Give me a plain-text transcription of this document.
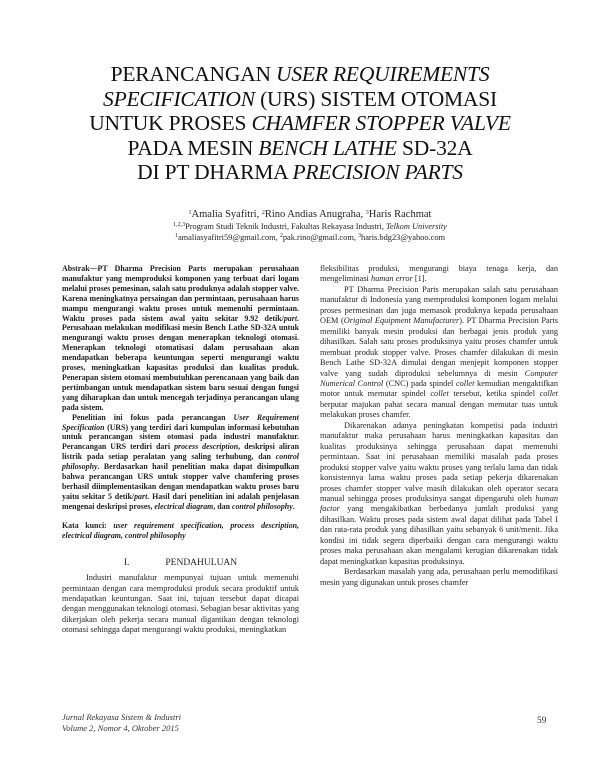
PERANCANGAN USER REQUIREMENTS
SPECIFICATION (URS) SISTEM OTOMASI
UNTUK PROSES CHAMFER STOPPER VALVE
PADA MESIN BENCH LATHE SD-32A
DI PT DHARMA PRECISION PARTS
$^1$Amalia Syafitri, $^2$Rino Andias Anugraha, $^3$Haris Rachmat
$^{1,2,3}$Program Studi Teknik Industri, Fakultas Rekayasa Industri, Telkom University
$^1$amaliasyafitri59@gmail.com, $^2$pak.rino@gmail.com, $^3$haris.bdg23@yahoo.com

Abstrak—PT Dharma Precision Parts merupakan perusahaan manufaktur yang memproduksi komponen yang terbuat dari logam melalui proses pemesinan, salah satu produknya adalah stopper valve. Karena meningkatnya persaingan dan permintaan, perusahaan harus mampu mengurangi waktu proses untuk memenuhi permintaan. Waktu proses pada sistem awal yaitu sekitar 9.92 detik/part. Perusahaan melakukan modifikasi mesin Bench Lathe SD-32A untuk mengurangi waktu proses dengan menerapkan teknologi otomasi. Menerapkan teknologi otomatisasi dalam perusahaan akan mendapatkan beberapa keuntungan seperti mengurangi waktu proses, meningkatkan kapasitas produksi dan kualitas produk. Penerapan sistem otomasi membutuhkan perencanaan yang baik dan pertimbangan untuk mendapatkan sistem baru sesuai dengan fungsi yang diharapkan dan untuk mencegah terjadinya perancangan ulang pada sistem.

Penelitian ini fokus pada perancangan User Requirement Specification (URS) yang terdiri dari kumpulan informasi kebutuhan untuk perancangan sistem otomasi pada industri manufaktur. Perancangan URS terdiri dari process description, deskripsi aliran listrik pada setiap peralatan yang saling terhubung, dan control philosophy. Berdasarkan hasil penelitian maka dapat disimpulkan bahwa perancangan URS untuk stopper valve chamfering proses berhasil diimplementasikan dengan mendapatkan waktu proses baru yaitu sekitar 5 detik/part. Hasil dari penelitian ini adalah penjelasan mengenai deskripsi proses, electrical diagram, dan control philosophy.

Kata kunci: user requirement specification, process description, electrical diagram, control philosophy
I.	PENDAHULUAN

Industri manufaktur mempunyai tujuan untuk memenuhi permintaan dengan cara memproduksi produk secara produktif untuk mendapatkan keuntungan. Saat ini, tujuan tersebut dapat dicapai dengan menggunakan teknologi otomasi. Sebagian besar aktivitas yang dikerjakan oleh pekerja secara manual digantikan dengan teknologi otomasi sehingga dapat mengurangi waktu produksi, meningkatkan

fleksibilitas produksi, mengurangi biaya tenaga kerja, dan mengeliminasi human error [1].

PT Dharma Precision Parts merupakan salah satu perusahaan manufaktur di Indonesia yang memproduksi komponen logam melalui proses permesinan dan juga memasok produknya kepada perusahaan OEM (Original Equipment Manufacturer). PT Dharma Precision Parts memiliki banyak mesin produksi dan berbagai jenis produk yang dihasilkan. Salah satu proses produksinya yaitu proses chamfer untuk membuat produk stopper valve. Proses chamfer dilakukan di mesin Bench Lathe SD-32A dimulai dengan menjepit komponen stopper valve yang sudah diproduksi sebelumnya di mesin Computer Numerical Control (CNC) pada spindel collet kemudian mengaktifkan motor untuk memutar spindel collet tersebut, ketika spindel collet berputar majukan pahat secara manual dengan memutar tuas untuk melakukan proses chamfer.

Dikarenakan adanya peningkatan kompetisi pada industri manufaktur maka perusahaan harus meningkatkan kapasitas dan kualitas produksinya sehingga perusahaan dapat memenuhi permintaan. Saat ini perusahaan memiliki masalah pada proses produksi stopper valve yaitu waktu proses yang terlalu lama dan tidak konsistennya lama waktu proses pada setiap pekerja dikarenakan proses chamfer stopper valve masih dilakukan oleh operator secara manual sehingga proses produksinya sangat dipengaruhi oleh human factor yang mengakibatkan berbedanya jumlah produksi yang dihasilkan. Waktu proses pada sistem awal dapat dilihat pada Tabel I dan rata-rata produk yang dihasilkan yaitu sebanyak 6 unit/menit. Jika kondisi ini tidak segera diperbaiki dengan cara mengurangi waktu proses maka perusahaan akan mengalami kerugian dikarenakan tidak dapat meningkatkan kapasitas produksinya.

Berdasarkan masalah yang ada, perusahaan perlu memodifikasi mesin yang digunakan untuk proses chamfer

Jurnal Rekayasa Sistem & Industri
Volume 2, Nomor 4, Oktober 2015
59
